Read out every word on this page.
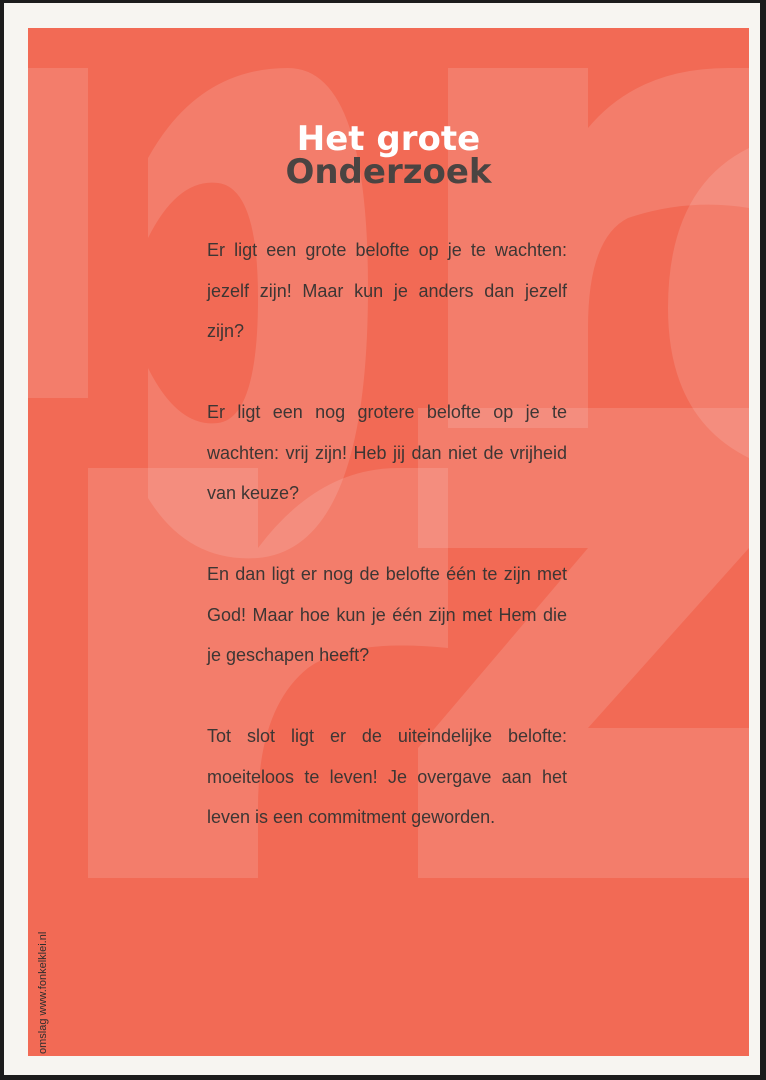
Het grote
Onderzoek

Er ligt een grote belofte op je te wachten: jezelf zijn! Maar kun je anders dan jezelf zijn?

Er ligt een nog grotere belofte op je te wachten: vrij zijn! Heb jij dan niet de vrijheid van keuze?

En dan ligt er nog de belofte één te zijn met God! Maar hoe kun je één zijn met Hem die je geschapen heeft?

Tot slot ligt er de uiteindelijke belofte: moeiteloos te leven! Je overgave aan het leven is een commitment geworden.

omslag www.fonkelklei.nl
